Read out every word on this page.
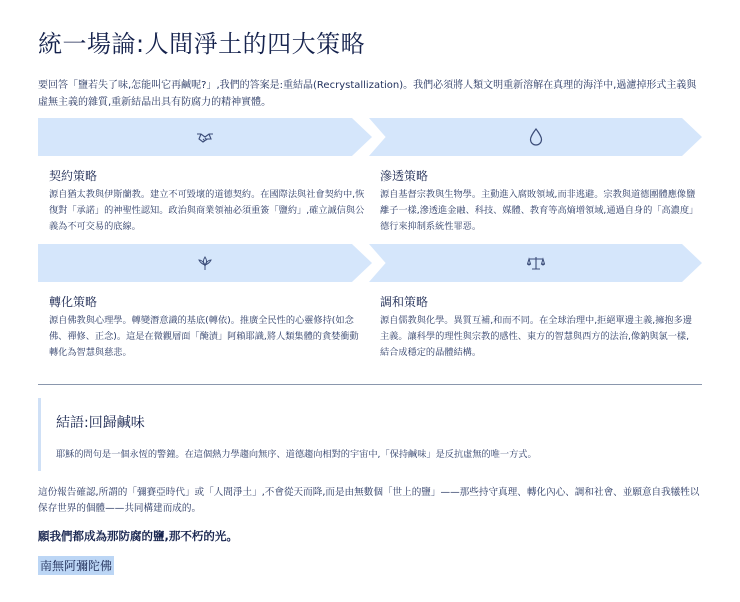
統一場論:人間淨土的四大策略
要回答「鹽若失了味,怎能叫它再鹹呢?」,我們的答案是:重結晶(Recrystallization)。我們必須將人類文明重新溶解在真理的海洋中,過濾掉形式主義與虛無主義的雜質,重新結晶出具有防腐力的精神實體。
契約策略
源自猶太教與伊斯蘭教。建立不可毀壞的道德契約。在國際法與社會契約中,恢復對「承諾」的神聖性認知。政治與商業領袖必須重簽「鹽約」,確立誠信與公義為不可交易的底線。
滲透策略
源自基督宗教與生物學。主動進入腐敗領域,而非逃避。宗教與道德團體應像鹽離子一樣,滲透進金融、科技、媒體、教育等高熵增領域,通過自身的「高濃度」德行來抑制系統性罪惡。
轉化策略
源自佛教與心理學。轉變潛意識的基底(轉依)。推廣全民性的心靈修持(如念佛、禪修、正念)。這是在微觀層面「醃漬」阿賴耶識,將人類集體的貪婪衝動轉化為智慧與慈悲。
調和策略
源自儒教與化學。異質互補,和而不同。在全球治理中,拒絕單邊主義,擁抱多邊主義。讓科學的理性與宗教的感性、東方的智慧與西方的法治,像鈉與氯一樣,結合成穩定的晶體結構。
結語:回歸鹹味
耶穌的問句是一個永恆的警鐘。在這個熱力學趨向無序、道德趨向相對的宇宙中,「保持鹹味」是反抗虛無的唯一方式。
這份報告確認,所謂的「彌賽亞時代」或「人間淨土」,不會從天而降,而是由無數個「世上的鹽」——那些持守真理、轉化內心、調和社會、並願意自我犧牲以保存世界的個體——共同構建而成的。
願我們都成為那防腐的鹽,那不朽的光。
南無阿彌陀佛
